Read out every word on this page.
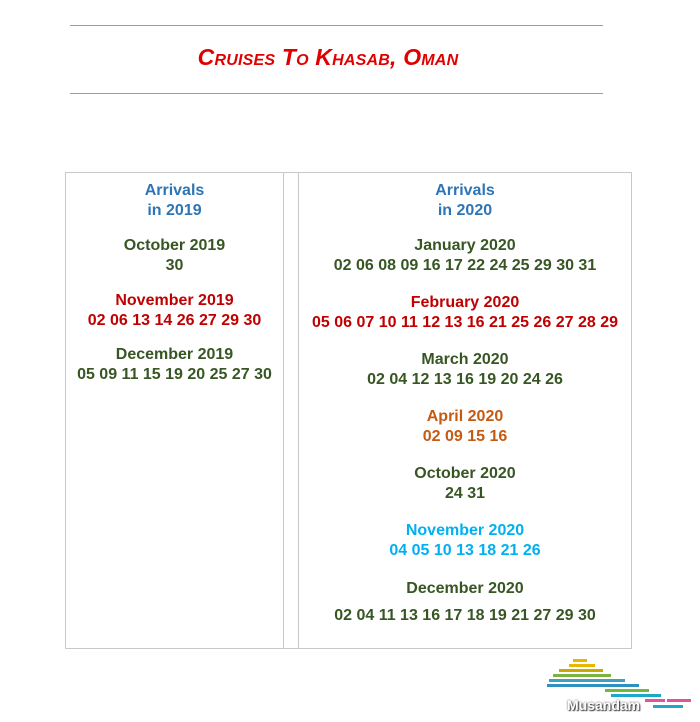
Cruises To Khasab, Oman
Arrivals
in 2019
October 2019
30
November 2019
02 06 13 14 26 27 29 30
December 2019
05 09 11 15 19 20 25 27 30
Arrivals
in 2020
January 2020
02 06 08 09 16 17 22 24 25 29 30 31
February 2020
05 06 07 10 11 12 13 16 21 25 26 27 28 29
March 2020
02 04 12 13 16 19 20 24 26
April 2020
02 09 15 16
October 2020
24 31
November 2020
04 05 10 13 18 21 26
December 2020
02 04 11 13 16 17 18 19 21 27 29 30
Musandam
